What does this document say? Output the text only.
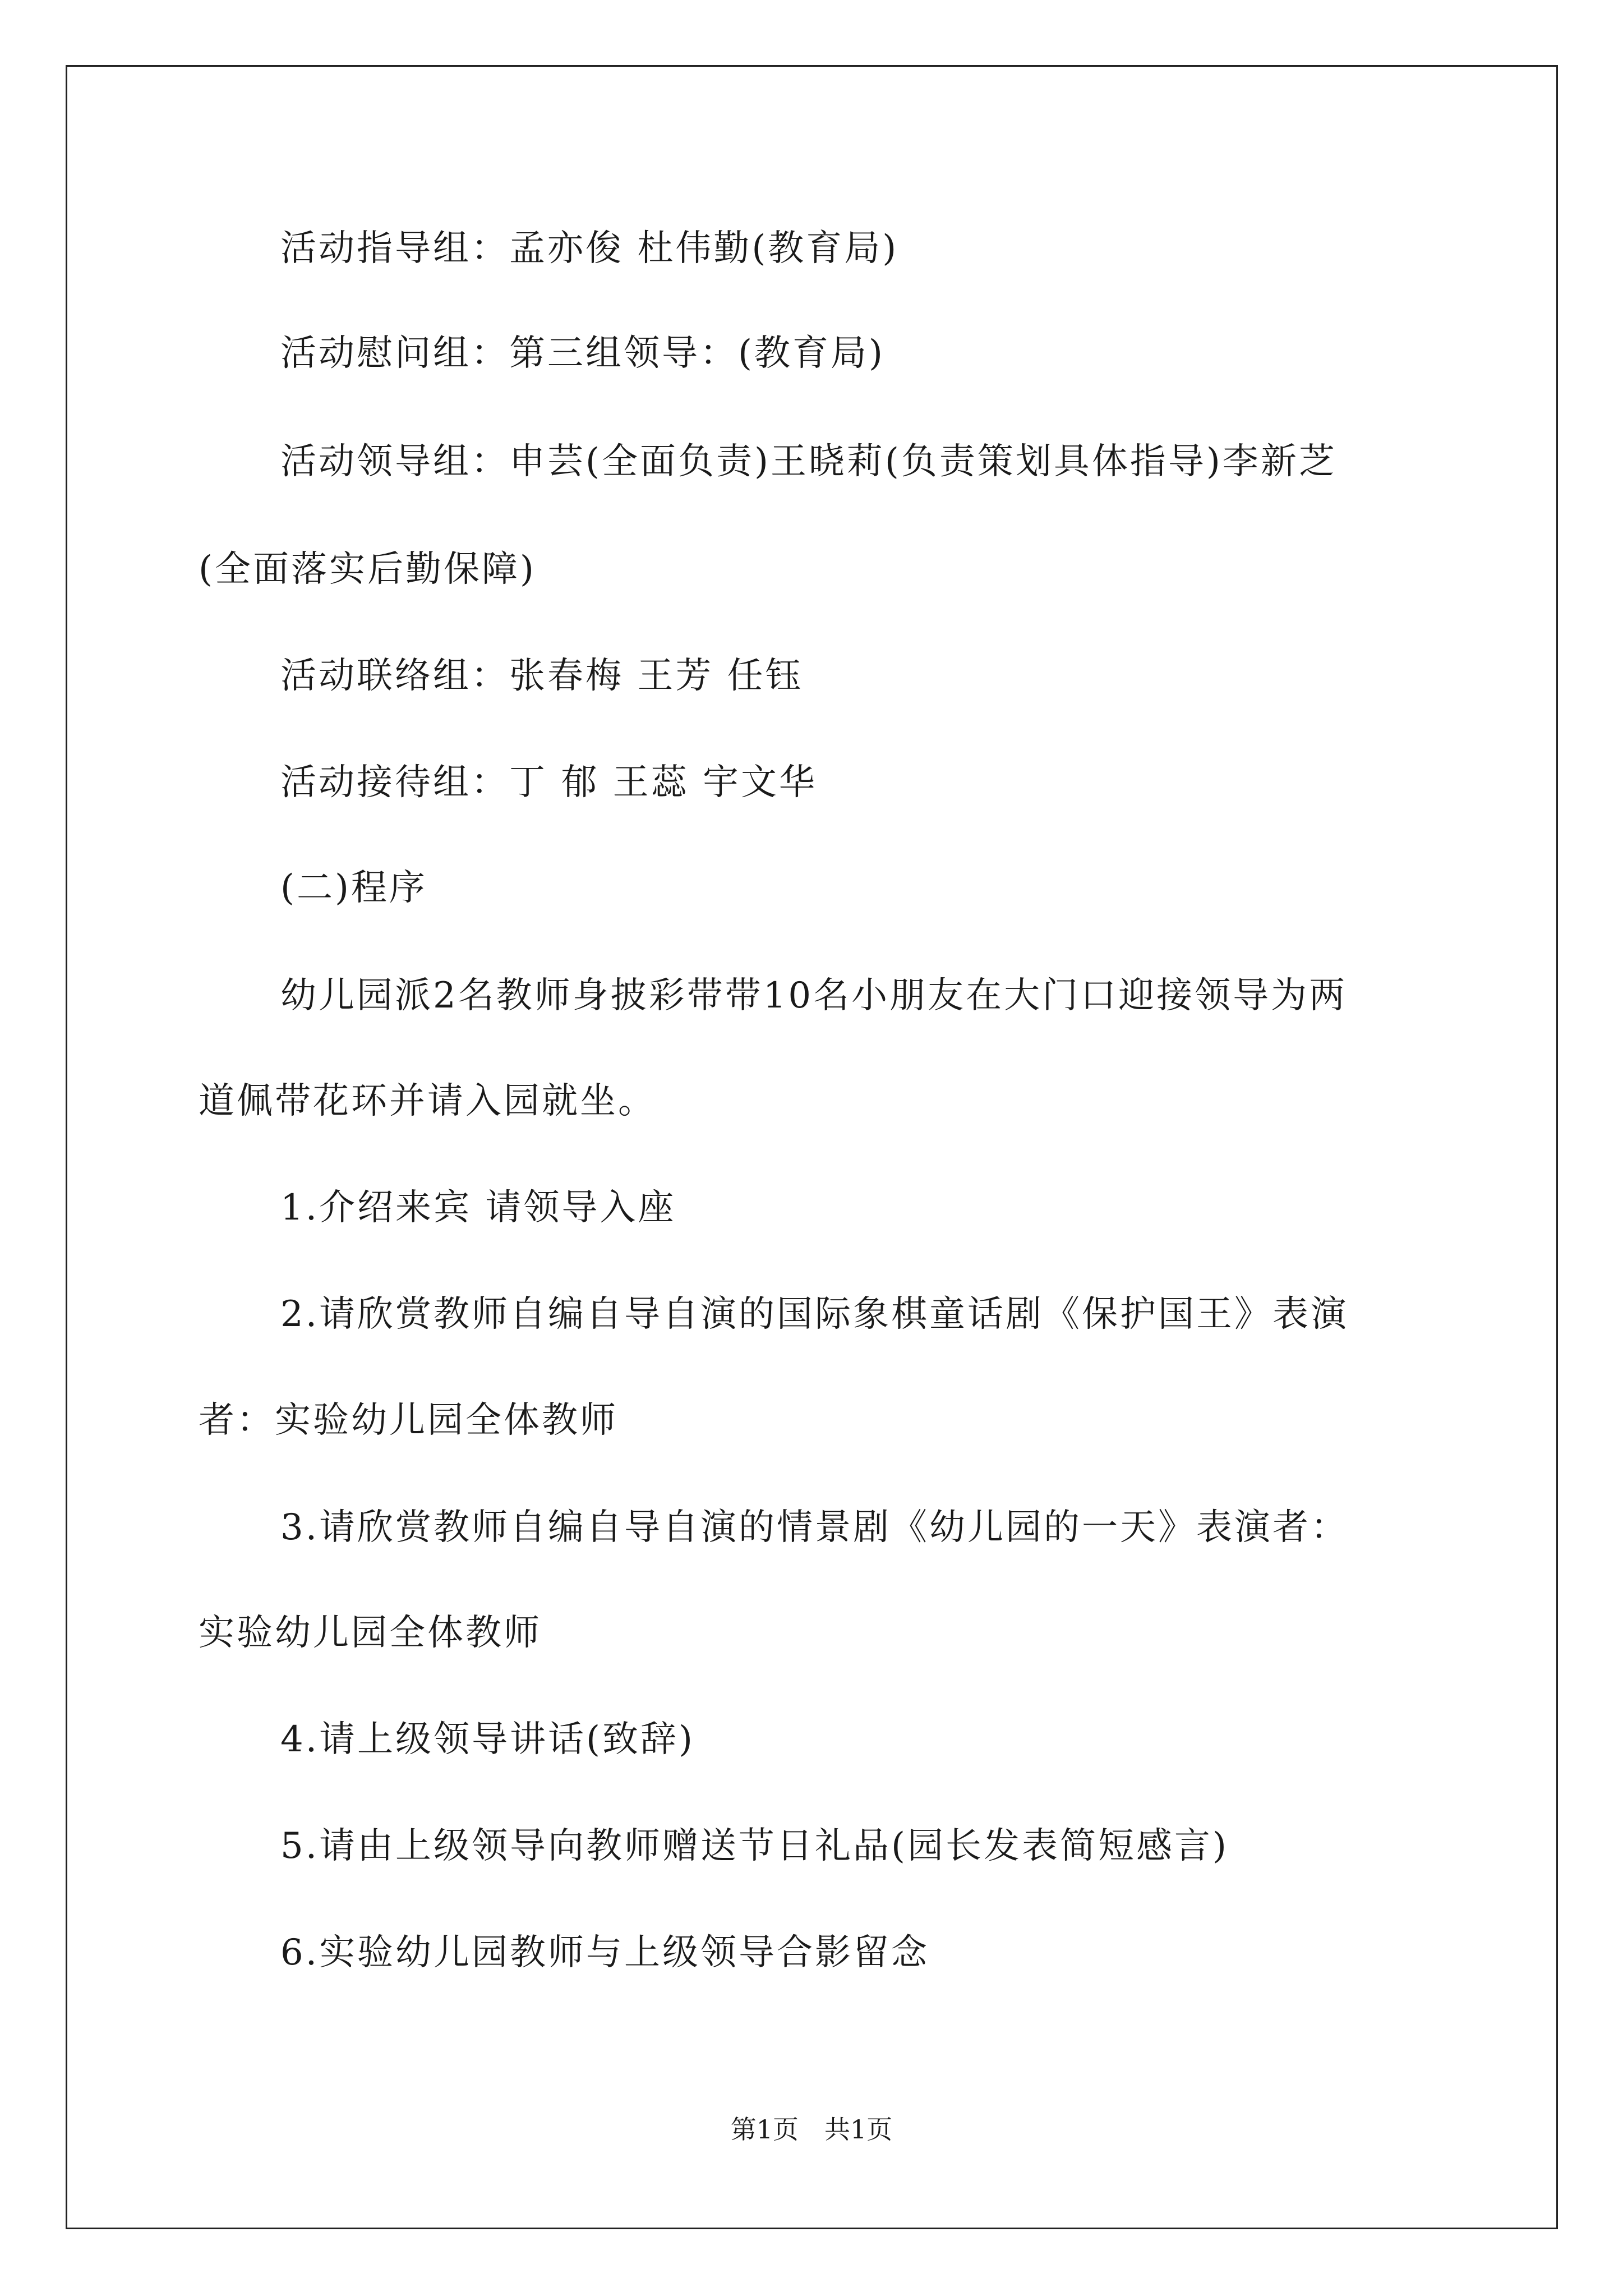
活动指导组：孟亦俊 杜伟勤(教育局)
活动慰问组：第三组领导：(教育局)
活动领导组：申芸(全面负责)王晓莉(负责策划具体指导)李新芝
(全面落实后勤保障)
活动联络组：张春梅 王芳 任钰
活动接待组：丁 郁 王蕊 宇文华
(二)程序
幼儿园派2名教师身披彩带带10名小朋友在大门口迎接领导为两
道佩带花环并请入园就坐。
1.介绍来宾 请领导入座
2.请欣赏教师自编自导自演的国际象棋童话剧《保护国王》表演
者：实验幼儿园全体教师
3.请欣赏教师自编自导自演的情景剧《幼儿园的一天》表演者：
实验幼儿园全体教师
4.请上级领导讲话(致辞)
5.请由上级领导向教师赠送节日礼品(园长发表简短感言)
6.实验幼儿园教师与上级领导合影留念
第1页　共1页
